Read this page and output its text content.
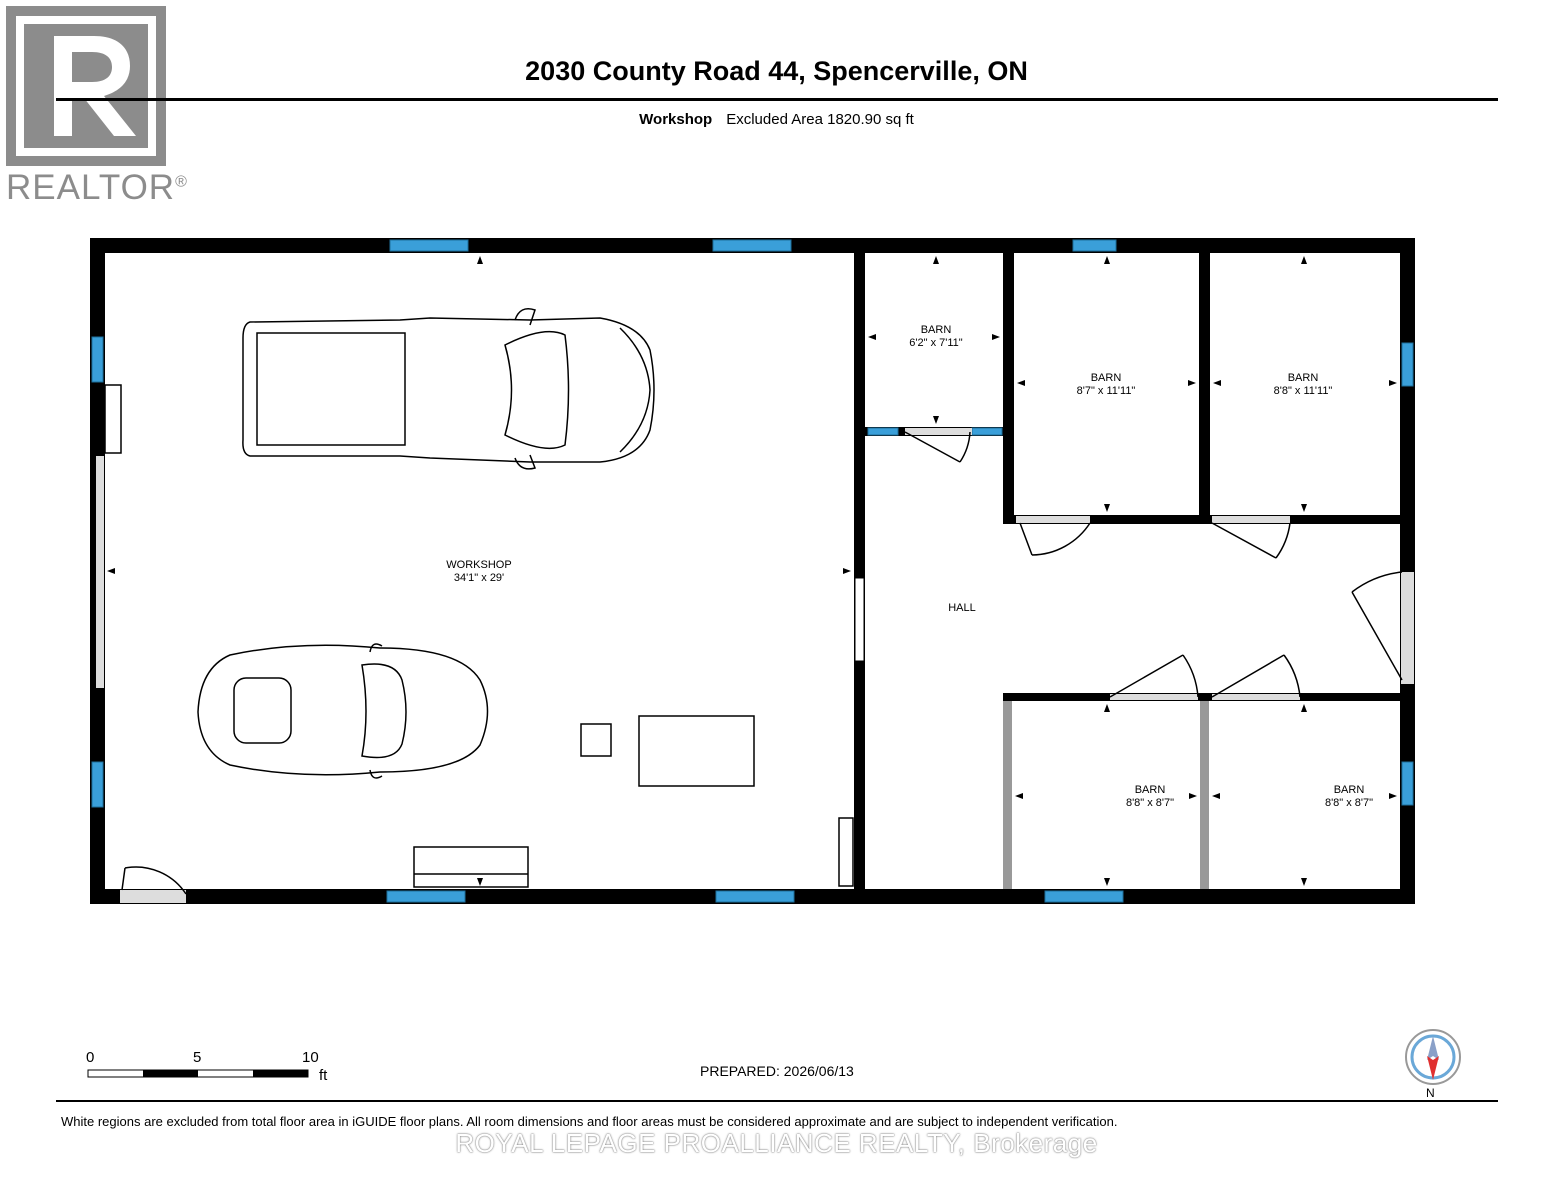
REALTOR®
2030 County Road 44, Spencerville, ON
Workshop Excluded Area 1820.90 sq ft
WORKSHOP
34'1" x 29'
BARN
6'2" x 7'11"
BARN
8'7" x 11'11"
BARN
8'8" x 11'11"
HALL
BARN
8'8" x 8'7"
BARN
8'8" x 8'7"
0	5	10
ft	PREPARED: 2026/06/13
N
White regions are excluded from total floor area in iGUIDE floor plans. All room dimensions and floor areas must be considered approximate and are subject to independent verification.
ROYAL LEPAGE PROALLIANCE REALTY, Brokerage
